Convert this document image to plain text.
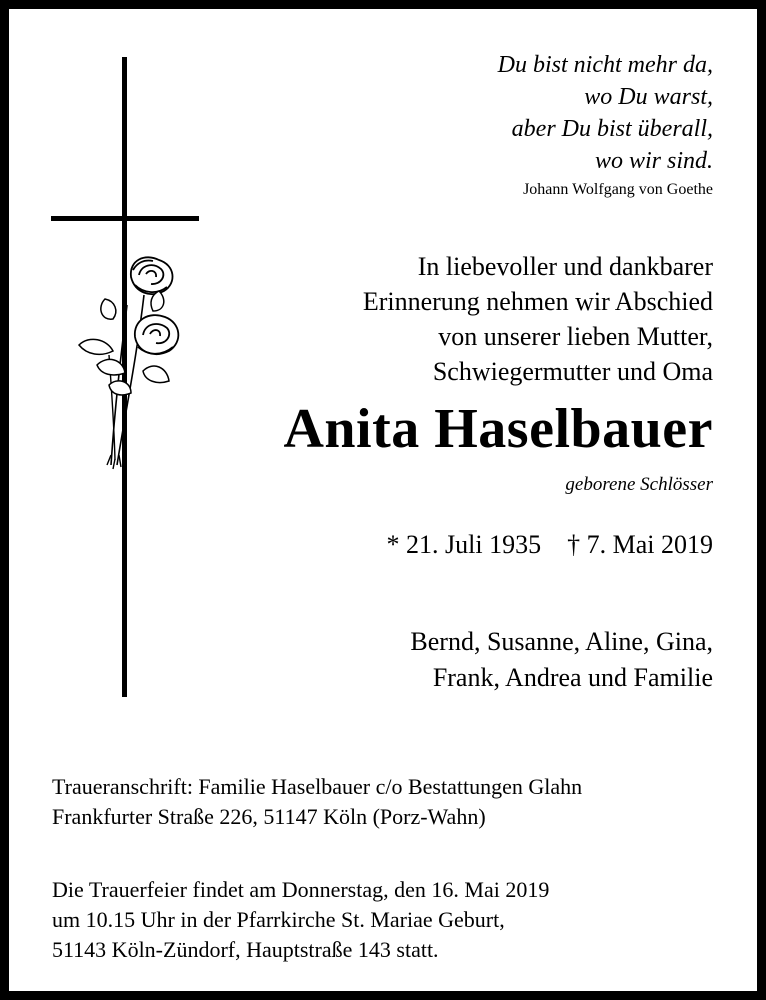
Du bist nicht mehr da,
wo Du warst,
aber Du bist überall,
wo wir sind.
Johann Wolfgang von Goethe
In liebevoller und dankbarer
Erinnerung nehmen wir Abschied
von unserer lieben Mutter,
Schwiegermutter und Oma
Anita Haselbauer
geborene Schlösser
* 21. Juli 1935 † 7. Mai 2019
Bernd, Susanne, Aline, Gina,
Frank, Andrea und Familie
Traueranschrift: Familie Haselbauer c/o Bestattungen Glahn
Frankfurter Straße 226, 51147 Köln (Porz-Wahn)
Die Trauerfeier findet am Donnerstag, den 16. Mai 2019
um 10.15 Uhr in der Pfarrkirche St. Mariae Geburt,
51143 Köln-Zündorf, Hauptstraße 143 statt.
